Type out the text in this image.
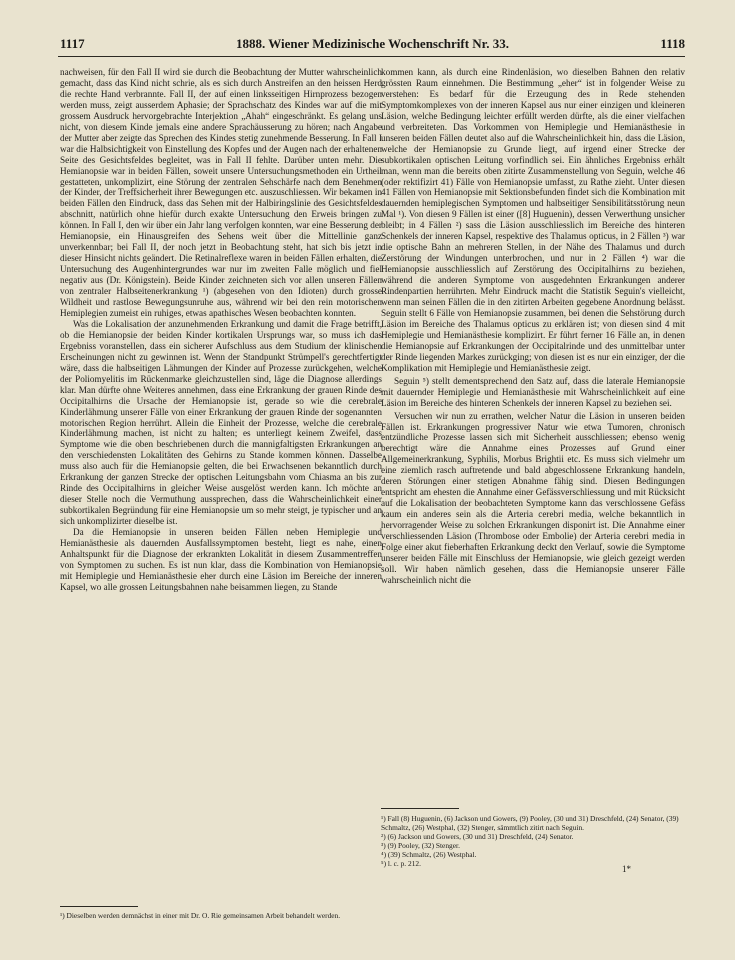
1117	1888. Wiener Medizinische Wochenschrift Nr. 33.	1118

nachweisen, für den Fall II wird sie durch die Beobachtung der Mutter wahrscheinlich gemacht, dass das Kind nicht schrie, als es sich durch Anstreifen an den heissen Herd die rechte Hand verbrannte. Fall II, der auf einen linksseitigen Hirnprozess bezogen werden muss, zeigt ausserdem Aphasie; der Sprachschatz des Kindes war auf die mit grossem Ausdruck hervorgebrachte Interjektion „Ahah“ eingeschränkt. Es gelang uns nicht, von diesem Kinde jemals eine andere Sprachäusserung zu hören; nach Angabe der Mutter aber zeigte das Sprechen des Kindes stetig zunehmende Besserung. In Fall I war die Halbsichtigkeit von Einstellung des Kopfes und der Augen nach der erhaltenen Seite des Gesichtsfeldes begleitet, was in Fall II fehlte. Darüber unten mehr. Die Hemianopsie war in beiden Fällen, soweit unsere Untersuchungsmethoden ein Urtheil gestatteten, unkomplizirt, eine Störung der zentralen Sehschärfe nach dem Benehmen der Kinder, der Treffsicherheit ihrer Bewegungen etc. auszuschliessen. Wir bekamen in beiden Fällen den Eindruck, dass das Sehen mit der Halbiringslinie des Gesichtsfeldes abschnitt, natürlich ohne hiefür durch exakte Untersuchung den Erweis bringen zu können. In Fall I, den wir über ein Jahr lang verfolgen konnten, war eine Besserung der Hemianopsie, ein Hinausgreifen des Sehens weit über die Mittellinie ganz unverkennbar; bei Fall II, der noch jetzt in Beobachtung steht, hat sich bis jetzt in dieser Hinsicht nichts geändert. Die Retinalreflexe waren in beiden Fällen erhalten, die Untersuchung des Augenhintergrundes war nur im zweiten Falle möglich und fiel negativ aus (Dr. Königstein). Beide Kinder zeichneten sich vor allen unseren Fällen von zentraler Halbseitenerkrankung ¹) (abgesehen von den Idioten) durch grosse Wildheit und rastlose Bewegungsunruhe aus, während wir bei den rein motorischen Hemiplegien zumeist ein ruhiges, etwas apathisches Wesen beobachten konnten.

Was die Lokalisation der anzunehmenden Erkrankung und damit die Frage betrifft, ob die Hemianopsie der beiden Kinder kortikalen Ursprungs war, so muss ich das Ergebniss voranstellen, dass ein sicherer Aufschluss aus dem Studium der klinischen Erscheinungen nicht zu gewinnen ist. Wenn der Standpunkt Strümpell's gerechtfertigt wäre, dass die halbseitigen Lähmungen der Kinder auf Prozesse zurückgehen, welche der Poliomyelitis im Rückenmarke gleichzustellen sind, läge die Diagnose allerdings klar. Man dürfte ohne Weiteres annehmen, dass eine Erkrankung der grauen Rinde des Occipitalhirns die Ursache der Hemianopsie ist, gerade so wie die cerebrale Kinderlähmung unserer Fälle von einer Erkrankung der grauen Rinde der sogenannten motorischen Region herrührt. Allein die Einheit der Prozesse, welche die cerebrale Kinderlähmung machen, ist nicht zu halten; es unterliegt keinem Zweifel, dass Symptome wie die oben beschriebenen durch die mannigfaltigsten Erkrankungen an den verschiedensten Lokalitäten des Gehirns zu Stande kommen können. Dasselbe muss also auch für die Hemianopsie gelten, die bei Erwachsenen bekanntlich durch Erkrankung der ganzen Strecke der optischen Leitungsbahn vom Chiasma an bis zur Rinde des Occipitalhirns in gleicher Weise ausgelöst werden kann. Ich möchte an dieser Stelle noch die Vermuthung aussprechen, dass die Wahrscheinlichkeit einer subkortikalen Begründung für eine Hemianopsie um so mehr steigt, je typischer und an sich unkomplizirter dieselbe ist.

Da die Hemianopsie in unseren beiden Fällen neben Hemiplegie und Hemianästhesie als dauernden Ausfallssymptomen besteht, liegt es nahe, einen Anhaltspunkt für die Diagnose der erkrankten Lokalität in diesem Zusammentreffen von Symptomen zu suchen. Es ist nun klar, dass die Kombination von Hemianopsie mit Hemiplegie und Hemianästhesie eher durch eine Läsion im Bereiche der inneren Kapsel, wo alle grossen Leitungsbahnen nahe beisammen liegen, zu Stande

¹) Dieselben werden demnächst in einer mit Dr. O. Rie gemeinsamen Arbeit behandelt werden.

kommen kann, als durch eine Rindenläsion, wo dieselben Bahnen den relativ grössten Raum einnehmen. Die Bestimmung „eher“ ist in folgender Weise zu verstehen: Es bedarf für die Erzeugung des in Rede stehenden Symptomkomplexes von der inneren Kapsel aus nur einer einzigen und kleineren Läsion, welche Bedingung leichter erfüllt werden dürfte, als die einer vielfachen und verbreiteten. Das Vorkommen von Hemiplegie und Hemianästhesie in unseren beiden Fällen deutet also auf die Wahrscheinlichkeit hin, dass die Läsion, welche der Hemianopsie zu Grunde liegt, auf irgend einer Strecke der subkortikalen optischen Leitung vorfindlich sei. Ein ähnliches Ergebniss erhält man, wenn man die bereits oben zitirte Zusammenstellung von Seguin, welche 46 (oder rektifizirt 41) Fälle von Hemianopsie umfasst, zu Rathe zieht. Unter diesen 41 Fällen von Hemianopsie mit Sektionsbefunden findet sich die Kombination mit dauernden hemiplegischen Symptomen und halbseitiger Sensibilitätsstörung neun Mal ¹). Von diesen 9 Fällen ist einer ([8] Huguenin), dessen Verwerthung unsicher bleibt; in 4 Fällen ²) sass die Läsion ausschliesslich im Bereiche des hinteren Schenkels der inneren Kapsel, respektive des Thalamus opticus, in 2 Fällen ³) war die optische Bahn an mehreren Stellen, in der Nähe des Thalamus und durch Zerstörung der Windungen unterbrochen, und nur in 2 Fällen ⁴) war die Hemianopsie ausschliesslich auf Zerstörung des Occipitalhirns zu beziehen, während die anderen Symptome von ausgedehnten Erkrankungen anderer Rindenpartien herrührten. Mehr Eindruck macht die Statistik Seguin's vielleicht, wenn man seinen Fällen die in den zitirten Arbeiten gegebene Anordnung belässt. Seguin stellt 6 Fälle von Hemianopsie zusammen, bei denen die Sehstörung durch Läsion im Bereiche des Thalamus opticus zu erklären ist; von diesen sind 4 mit Hemiplegie und Hemianästhesie komplizirt. Er führt ferner 16 Fälle an, in denen die Hemianopsie auf Erkrankungen der Occipitalrinde und des unmittelbar unter der Rinde liegenden Markes zurückging; von diesen ist es nur ein einziger, der die Komplikation mit Hemiplegie und Hemianästhesie zeigt.

Seguin ⁵) stellt dementsprechend den Satz auf, dass die laterale Hemianopsie mit dauernder Hemiplegie und Hemianästhesie mit Wahrscheinlichkeit auf eine Läsion im Bereiche des hinteren Schenkels der inneren Kapsel zu beziehen sei.

Versuchen wir nun zu errathen, welcher Natur die Läsion in unseren beiden Fällen ist. Erkrankungen progressiver Natur wie etwa Tumoren, chronisch entzündliche Prozesse lassen sich mit Sicherheit ausschliessen; ebenso wenig berechtigt wäre die Annahme eines Prozesses auf Grund einer Allgemeinerkrankung, Syphilis, Morbus Brightii etc. Es muss sich vielmehr um eine ziemlich rasch auftretende und bald abgeschlossene Erkrankung handeln, deren Störungen einer stetigen Abnahme fähig sind. Diesen Bedingungen entspricht am ehesten die Annahme einer Gefässverschliessung und mit Rücksicht auf die Lokalisation der beobachteten Symptome kann das verschlossene Gefäss kaum ein anderes sein als die Arteria cerebri media, welche bekanntlich in hervorragender Weise zu solchen Erkrankungen disponirt ist. Die Annahme einer verschliessenden Läsion (Thrombose oder Embolie) der Arteria cerebri media in Folge einer akut fieberhaften Erkrankung deckt den Verlauf, sowie die Symptome unserer beiden Fälle mit Einschluss der Hemianopsie, wie gleich gezeigt werden soll. Wir haben nämlich gesehen, dass die Hemianopsie unserer Fälle wahrscheinlich nicht die

¹) Fall (8) Huguenin, (6) Jackson und Gowers, (9) Pooley, (30 und 31) Dreschfeld, (24) Senator, (39) Schmaltz, (26) Westphal, (32) Stenger, sämmtlich zitirt nach Seguin.

²) (6) Jackson und Gowers, (30 und 31) Dreschfeld, (24) Senator.

³) (9) Pooley, (32) Stenger.

⁴) (39) Schmaltz, (26) Westphal.

⁵) l. c. p. 212.

1*
